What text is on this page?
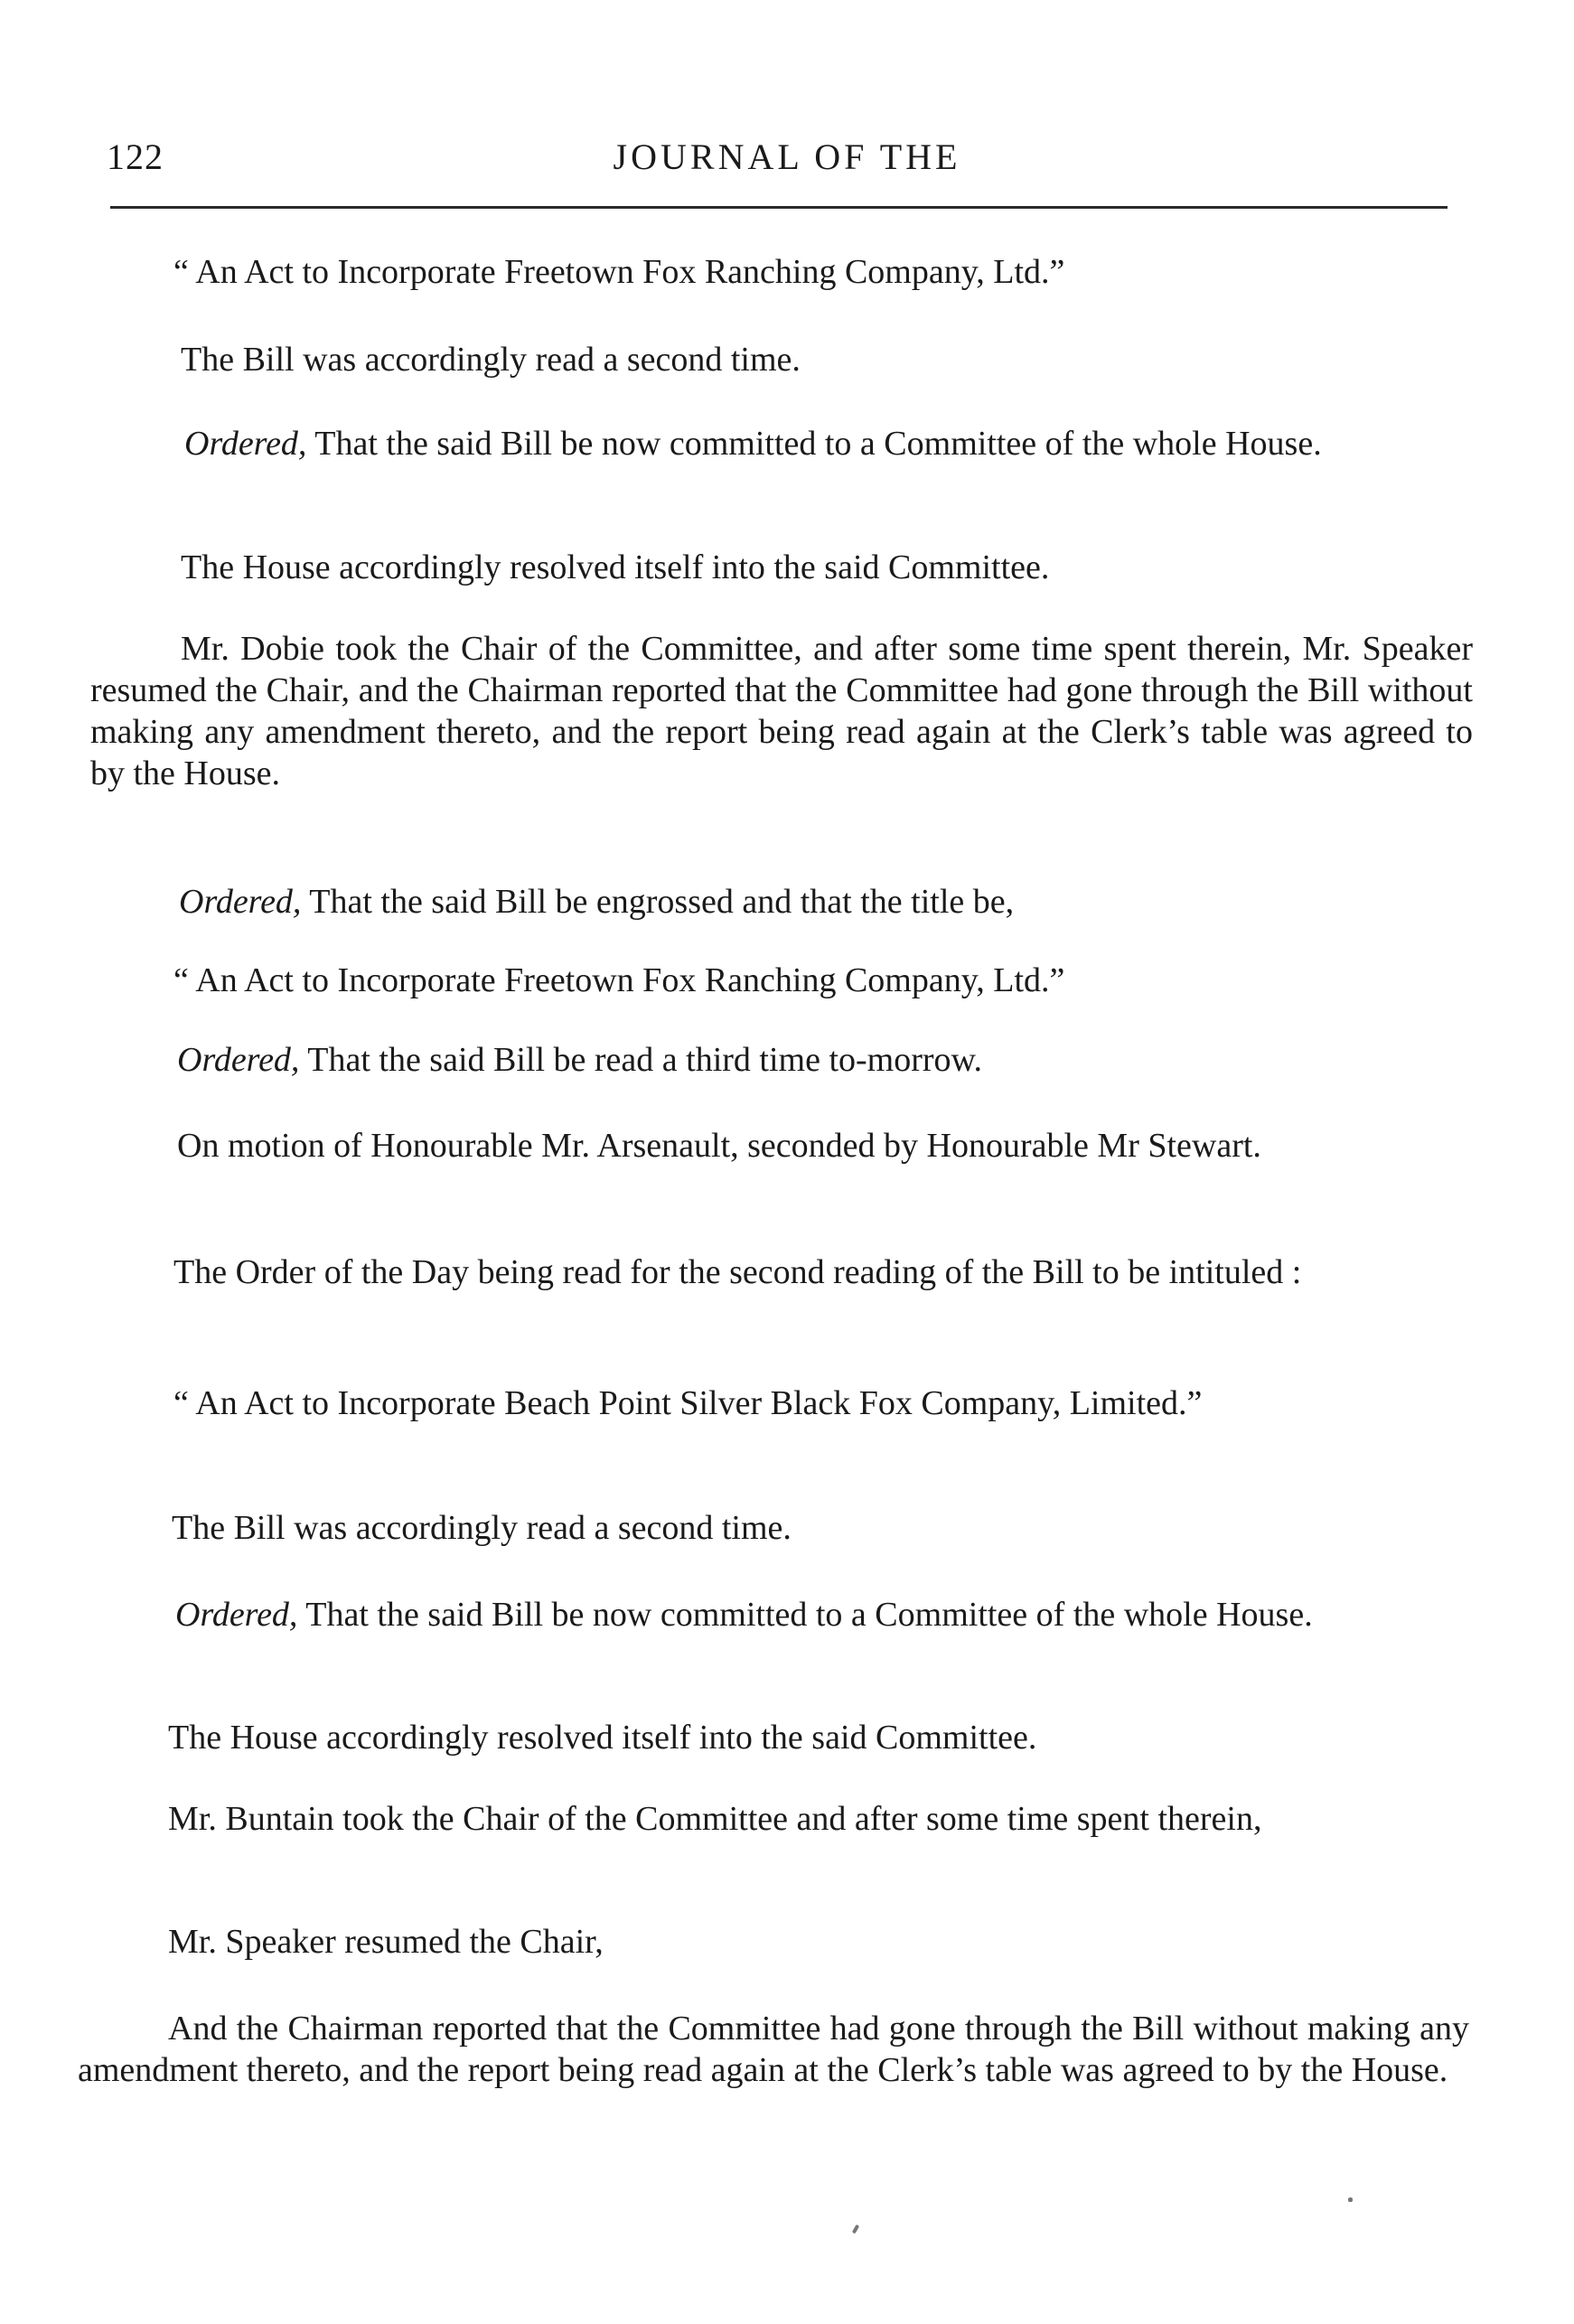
122	JOURNAL OF THE

“ An Act to Incorporate Freetown Fox Ranching Company, Ltd.”

The Bill was accordingly read a second time.

Ordered, That the said Bill be now committed to a Committee of the whole House.

The House accordingly resolved itself into the said Committee.

Mr. Dobie took the Chair of the Committee, and after some time spent therein, Mr. Speaker resumed the Chair, and the Chairman reported that the Committee had gone through the Bill without making any amendment thereto, and the report being read again at the Clerk’s table was agreed to by the House.

Ordered, That the said Bill be engrossed and that the title be,

“ An Act to Incorporate Freetown Fox Ranching Company, Ltd.”

Ordered, That the said Bill be read a third time to-morrow.

On motion of Honourable Mr. Arsenault, seconded by Honourable Mr Stewart.

The Order of the Day being read for the second reading of the Bill to be intituled :

“ An Act to Incorporate Beach Point Silver Black Fox Company, Limited.”

The Bill was accordingly read a second time.

Ordered, That the said Bill be now committed to a Committee of the whole House.

The House accordingly resolved itself into the said Committee.

Mr. Buntain took the Chair of the Committee and after some time spent therein,

Mr. Speaker resumed the Chair,

And the Chairman reported that the Committee had gone through the Bill without making any amendment thereto, and the report being read again at the Clerk’s table was agreed to by the House.
